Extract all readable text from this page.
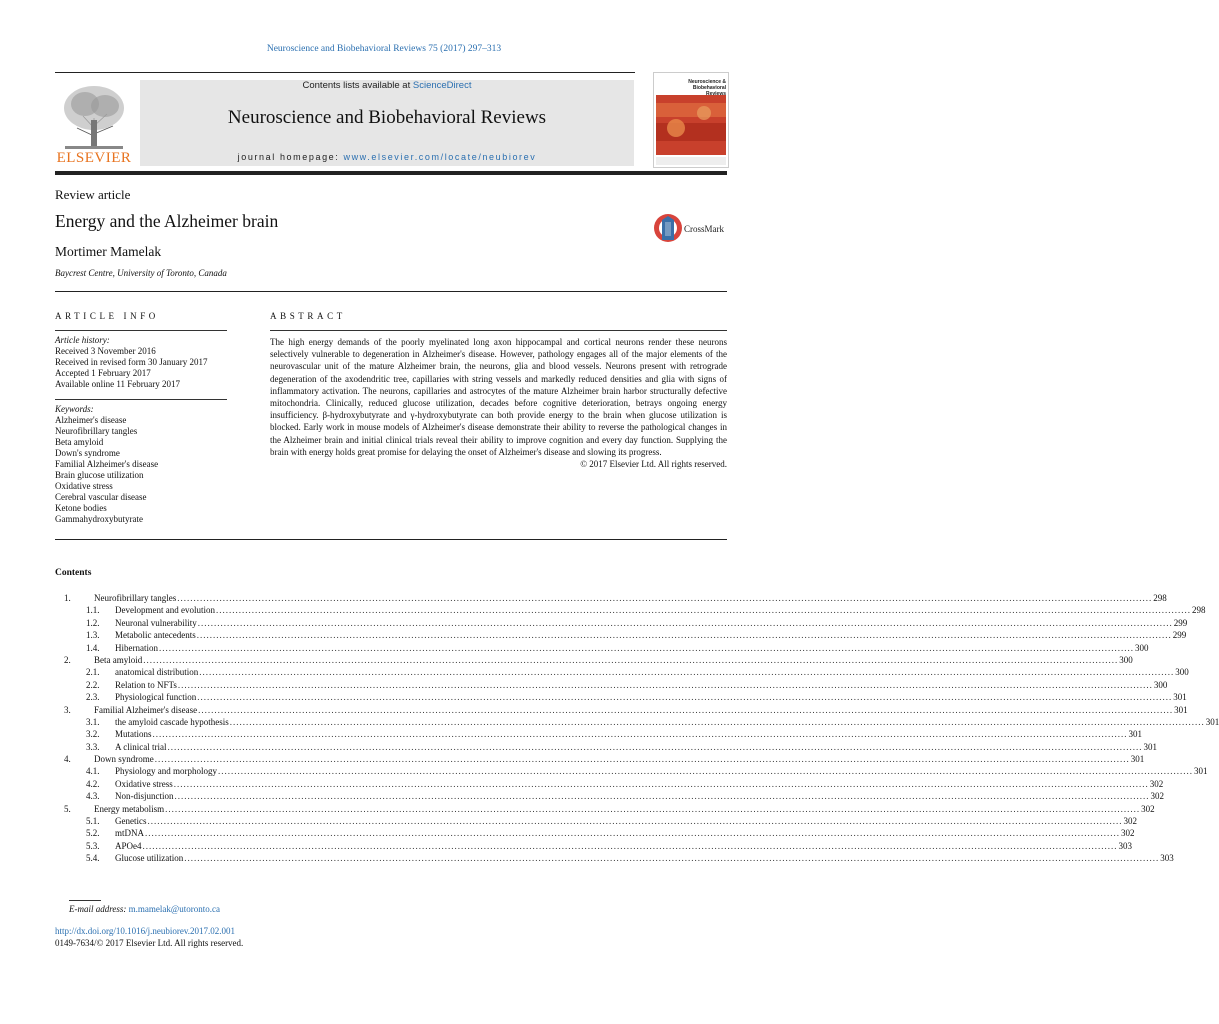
Neuroscience and Biobehavioral Reviews 75 (2017) 297–313
ELSEVIER
Contents lists available at ScienceDirect
Neuroscience and Biobehavioral Reviews
journal homepage: www.elsevier.com/locate/neubiorev
Neuroscience & Biobehavioral Reviews
Review article
Energy and the Alzheimer brain
Mortimer Mamelak
Baycrest Centre, University of Toronto, Canada
CrossMark
ARTICLE INFO
Article history:
Received 3 November 2016
Received in revised form 30 January 2017
Accepted 1 February 2017
Available online 11 February 2017
Keywords:
Alzheimer's disease
Neurofibrillary tangles
Beta amyloid
Down's syndrome
Familial Alzheimer's disease
Brain glucose utilization
Oxidative stress
Cerebral vascular disease
Ketone bodies
Gammahydroxybutyrate
ABSTRACT
The high energy demands of the poorly myelinated long axon hippocampal and cortical neurons render these neurons selectively vulnerable to degeneration in Alzheimer's disease. However, pathology engages all of the major elements of the neurovascular unit of the mature Alzheimer brain, the neurons, glia and blood vessels. Neurons present with retrograde degeneration of the axodendritic tree, capillaries with string vessels and markedly reduced densities and glia with signs of inflammatory activation. The neurons, capillaries and astrocytes of the mature Alzheimer brain harbor structurally defective mitochondria. Clinically, reduced glucose utilization, decades before cognitive deterioration, betrays ongoing energy insufficiency. β-hydroxybutyrate and γ-hydroxybutyrate can both provide energy to the brain when glucose utilization is blocked. Early work in mouse models of Alzheimer's disease demonstrate their ability to reverse the pathological changes in the Alzheimer brain and initial clinical trials reveal their ability to improve cognition and every day function. Supplying the brain with energy holds great promise for delaying the onset of Alzheimer's disease and slowing its progress.
© 2017 Elsevier Ltd. All rights reserved.
Contents
1.	Neurofibrillary tangles ............................................................................................................................................................................................................................................................................................................ 298
1.1.	Development and evolution ............................................................................................................................................................................................................................................................................................................ 298
1.2.	Neuronal vulnerability ............................................................................................................................................................................................................................................................................................................ 299
1.3.	Metabolic antecedents ............................................................................................................................................................................................................................................................................................................ 299
1.4.	Hibernation ............................................................................................................................................................................................................................................................................................................ 300
2.	Beta amyloid ............................................................................................................................................................................................................................................................................................................ 300
2.1.	anatomical distribution ............................................................................................................................................................................................................................................................................................................ 300
2.2.	Relation to NFTs ............................................................................................................................................................................................................................................................................................................ 300
2.3.	Physiological function ............................................................................................................................................................................................................................................................................................................ 301
3.	Familial Alzheimer's disease ............................................................................................................................................................................................................................................................................................................ 301
3.1.	the amyloid cascade hypothesis ............................................................................................................................................................................................................................................................................................................ 301
3.2.	Mutations ............................................................................................................................................................................................................................................................................................................ 301
3.3.	A clinical trial ............................................................................................................................................................................................................................................................................................................ 301
4.	Down syndrome ............................................................................................................................................................................................................................................................................................................ 301
4.1.	Physiology and morphology ............................................................................................................................................................................................................................................................................................................ 301
4.2.	Oxidative stress ............................................................................................................................................................................................................................................................................................................ 302
4.3.	Non-disjunction ............................................................................................................................................................................................................................................................................................................ 302
5.	Energy metabolism ............................................................................................................................................................................................................................................................................................................ 302
5.1.	Genetics ............................................................................................................................................................................................................................................................................................................ 302
5.2.	mtDNA ............................................................................................................................................................................................................................................................................................................ 302
5.3.	APOe4 ............................................................................................................................................................................................................................................................................................................ 303
5.4.	Glucose utilization ............................................................................................................................................................................................................................................................................................................ 303
E-mail address: m.mamelak@utoronto.ca
http://dx.doi.org/10.1016/j.neubiorev.2017.02.001
0149-7634/© 2017 Elsevier Ltd. All rights reserved.
